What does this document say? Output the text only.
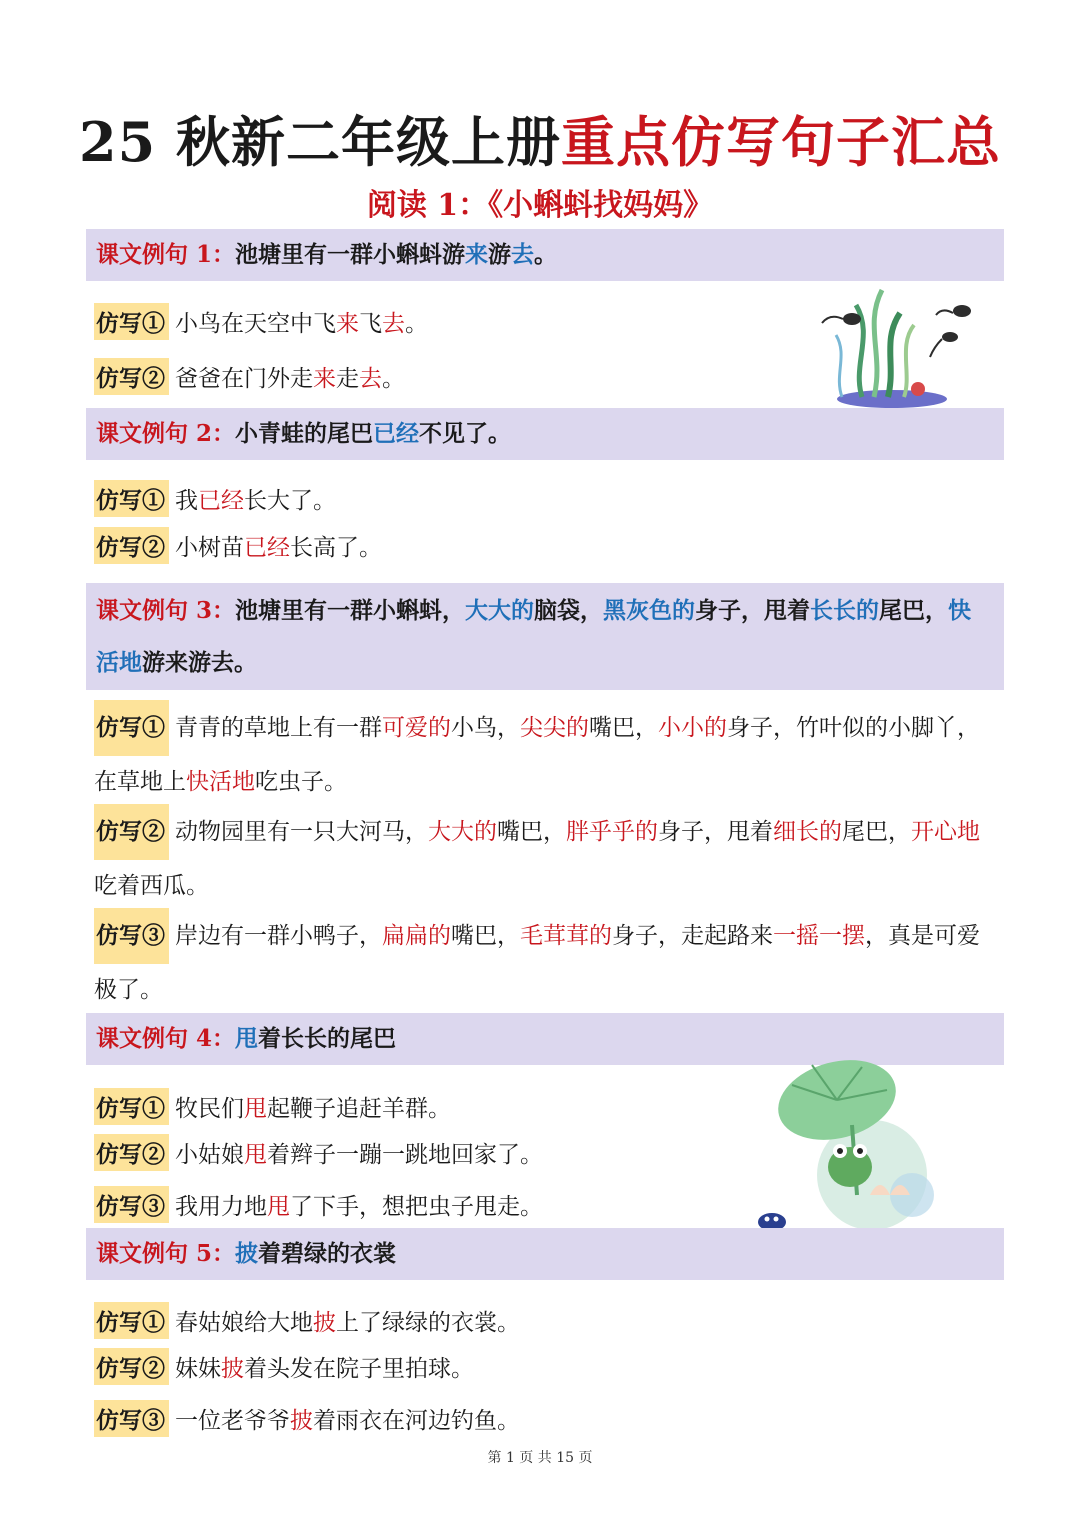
25 秋新二年级上册重点仿写句子汇总
阅读 1：《小蝌蚪找妈妈》
课文例句 1：池塘里有一群小蝌蚪游来游去。
仿写① 小鸟在天空中飞来飞去。
仿写② 爸爸在门外走来走去。
课文例句 2：小青蛙的尾巴已经不见了。
仿写① 我已经长大了。
仿写② 小树苗已经长高了。
课文例句 3：池塘里有一群小蝌蚪，大大的脑袋，黑灰色的身子，甩着长长的尾巴，快活地游来游去。
仿写① 青青的草地上有一群可爱的小鸟，尖尖的嘴巴，小小的身子，竹叶似的小脚丫，在草地上快活地吃虫子。
仿写② 动物园里有一只大河马，大大的嘴巴，胖乎乎的身子，甩着细长的尾巴，开心地吃着西瓜。
仿写③ 岸边有一群小鸭子，扁扁的嘴巴，毛茸茸的身子，走起路来一摇一摆，真是可爱极了。
课文例句 4：甩着长长的尾巴
仿写① 牧民们甩起鞭子追赶羊群。
仿写② 小姑娘甩着辫子一蹦一跳地回家了。
仿写③ 我用力地甩了下手，想把虫子甩走。
课文例句 5：披着碧绿的衣裳
仿写① 春姑娘给大地披上了绿绿的衣裳。
仿写② 妹妹披着头发在院子里拍球。
仿写③ 一位老爷爷披着雨衣在河边钓鱼。
第 1 页 共 15 页
